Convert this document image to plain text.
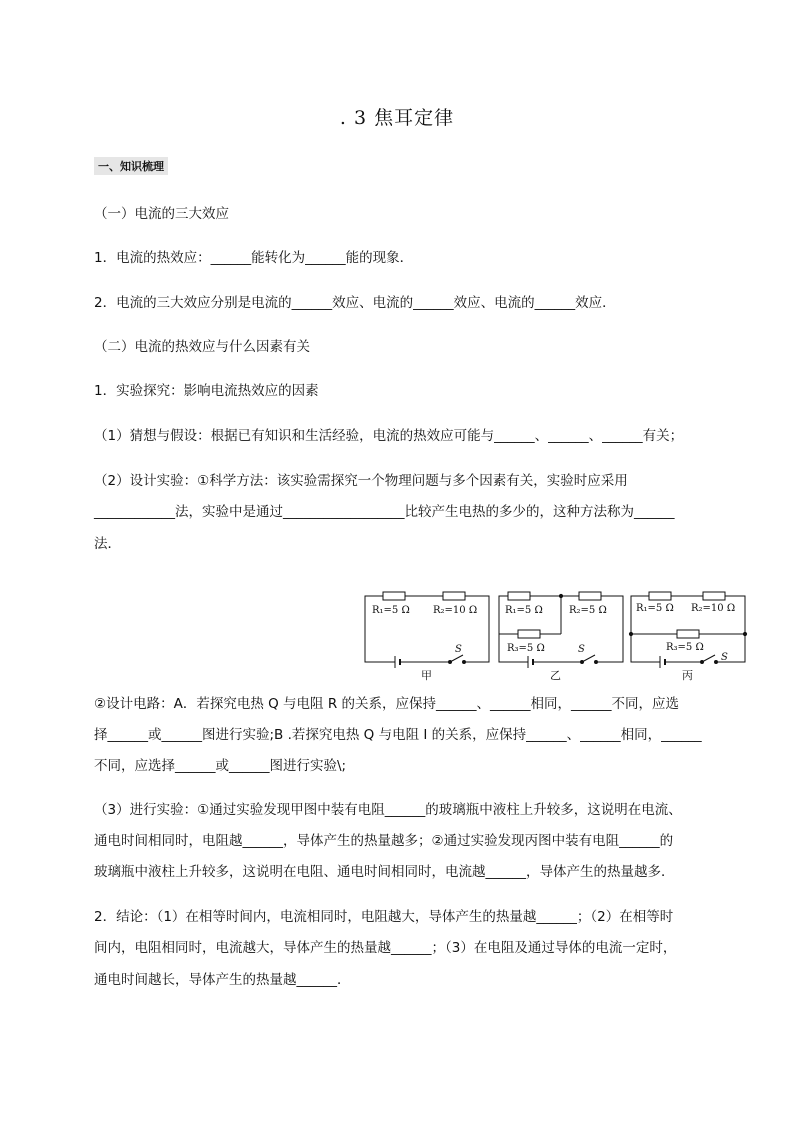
. 3 焦耳定律
一、知识梳理
（一）电流的三大效应
1．电流的热效应：______能转化为______能的现象．
2．电流的三大效应分别是电流的______效应、电流的______效应、电流的______效应．
（二）电流的热效应与什么因素有关
1．实验探究：影响电流热效应的因素
（1）猜想与假设：根据已有知识和生活经验，电流的热效应可能与______、______、______有关；
（2）设计实验：①科学方法：该实验需探究一个物理问题与多个因素有关，实验时应采用
____________法，实验中是通过__________________比较产生电热的多少的，这种方法称为______
法．
R₁=5 Ω R₂=10 Ω
S
甲
R₁=5 Ω	R₂=5 Ω
R₃=5 Ω	S
乙
R₁=5 Ω R₂=10 Ω
R₃=5 Ω
S
丙
②设计电路：A．若探究电热 Q 与电阻 R 的关系，应保持______、______相同，______不同，应选
择______或______图进行实验;B .若探究电热 Q 与电阻 I 的关系，应保持______、______相同，______
不同，应选择______或______图进行实验\;
（3）进行实验：①通过实验发现甲图中装有电阻______的玻璃瓶中液柱上升较多，这说明在电流、
通电时间相同时，电阻越______，导体产生的热量越多；②通过实验发现丙图中装有电阻______的
玻璃瓶中液柱上升较多，这说明在电阻、通电时间相同时，电流越______，导体产生的热量越多．
2．结论：（1）在相等时间内，电流相同时，电阻越大，导体产生的热量越______；（2）在相等时
间内，电阻相同时，电流越大，导体产生的热量越______；（3）在电阻及通过导体的电流一定时，
通电时间越长，导体产生的热量越______．
